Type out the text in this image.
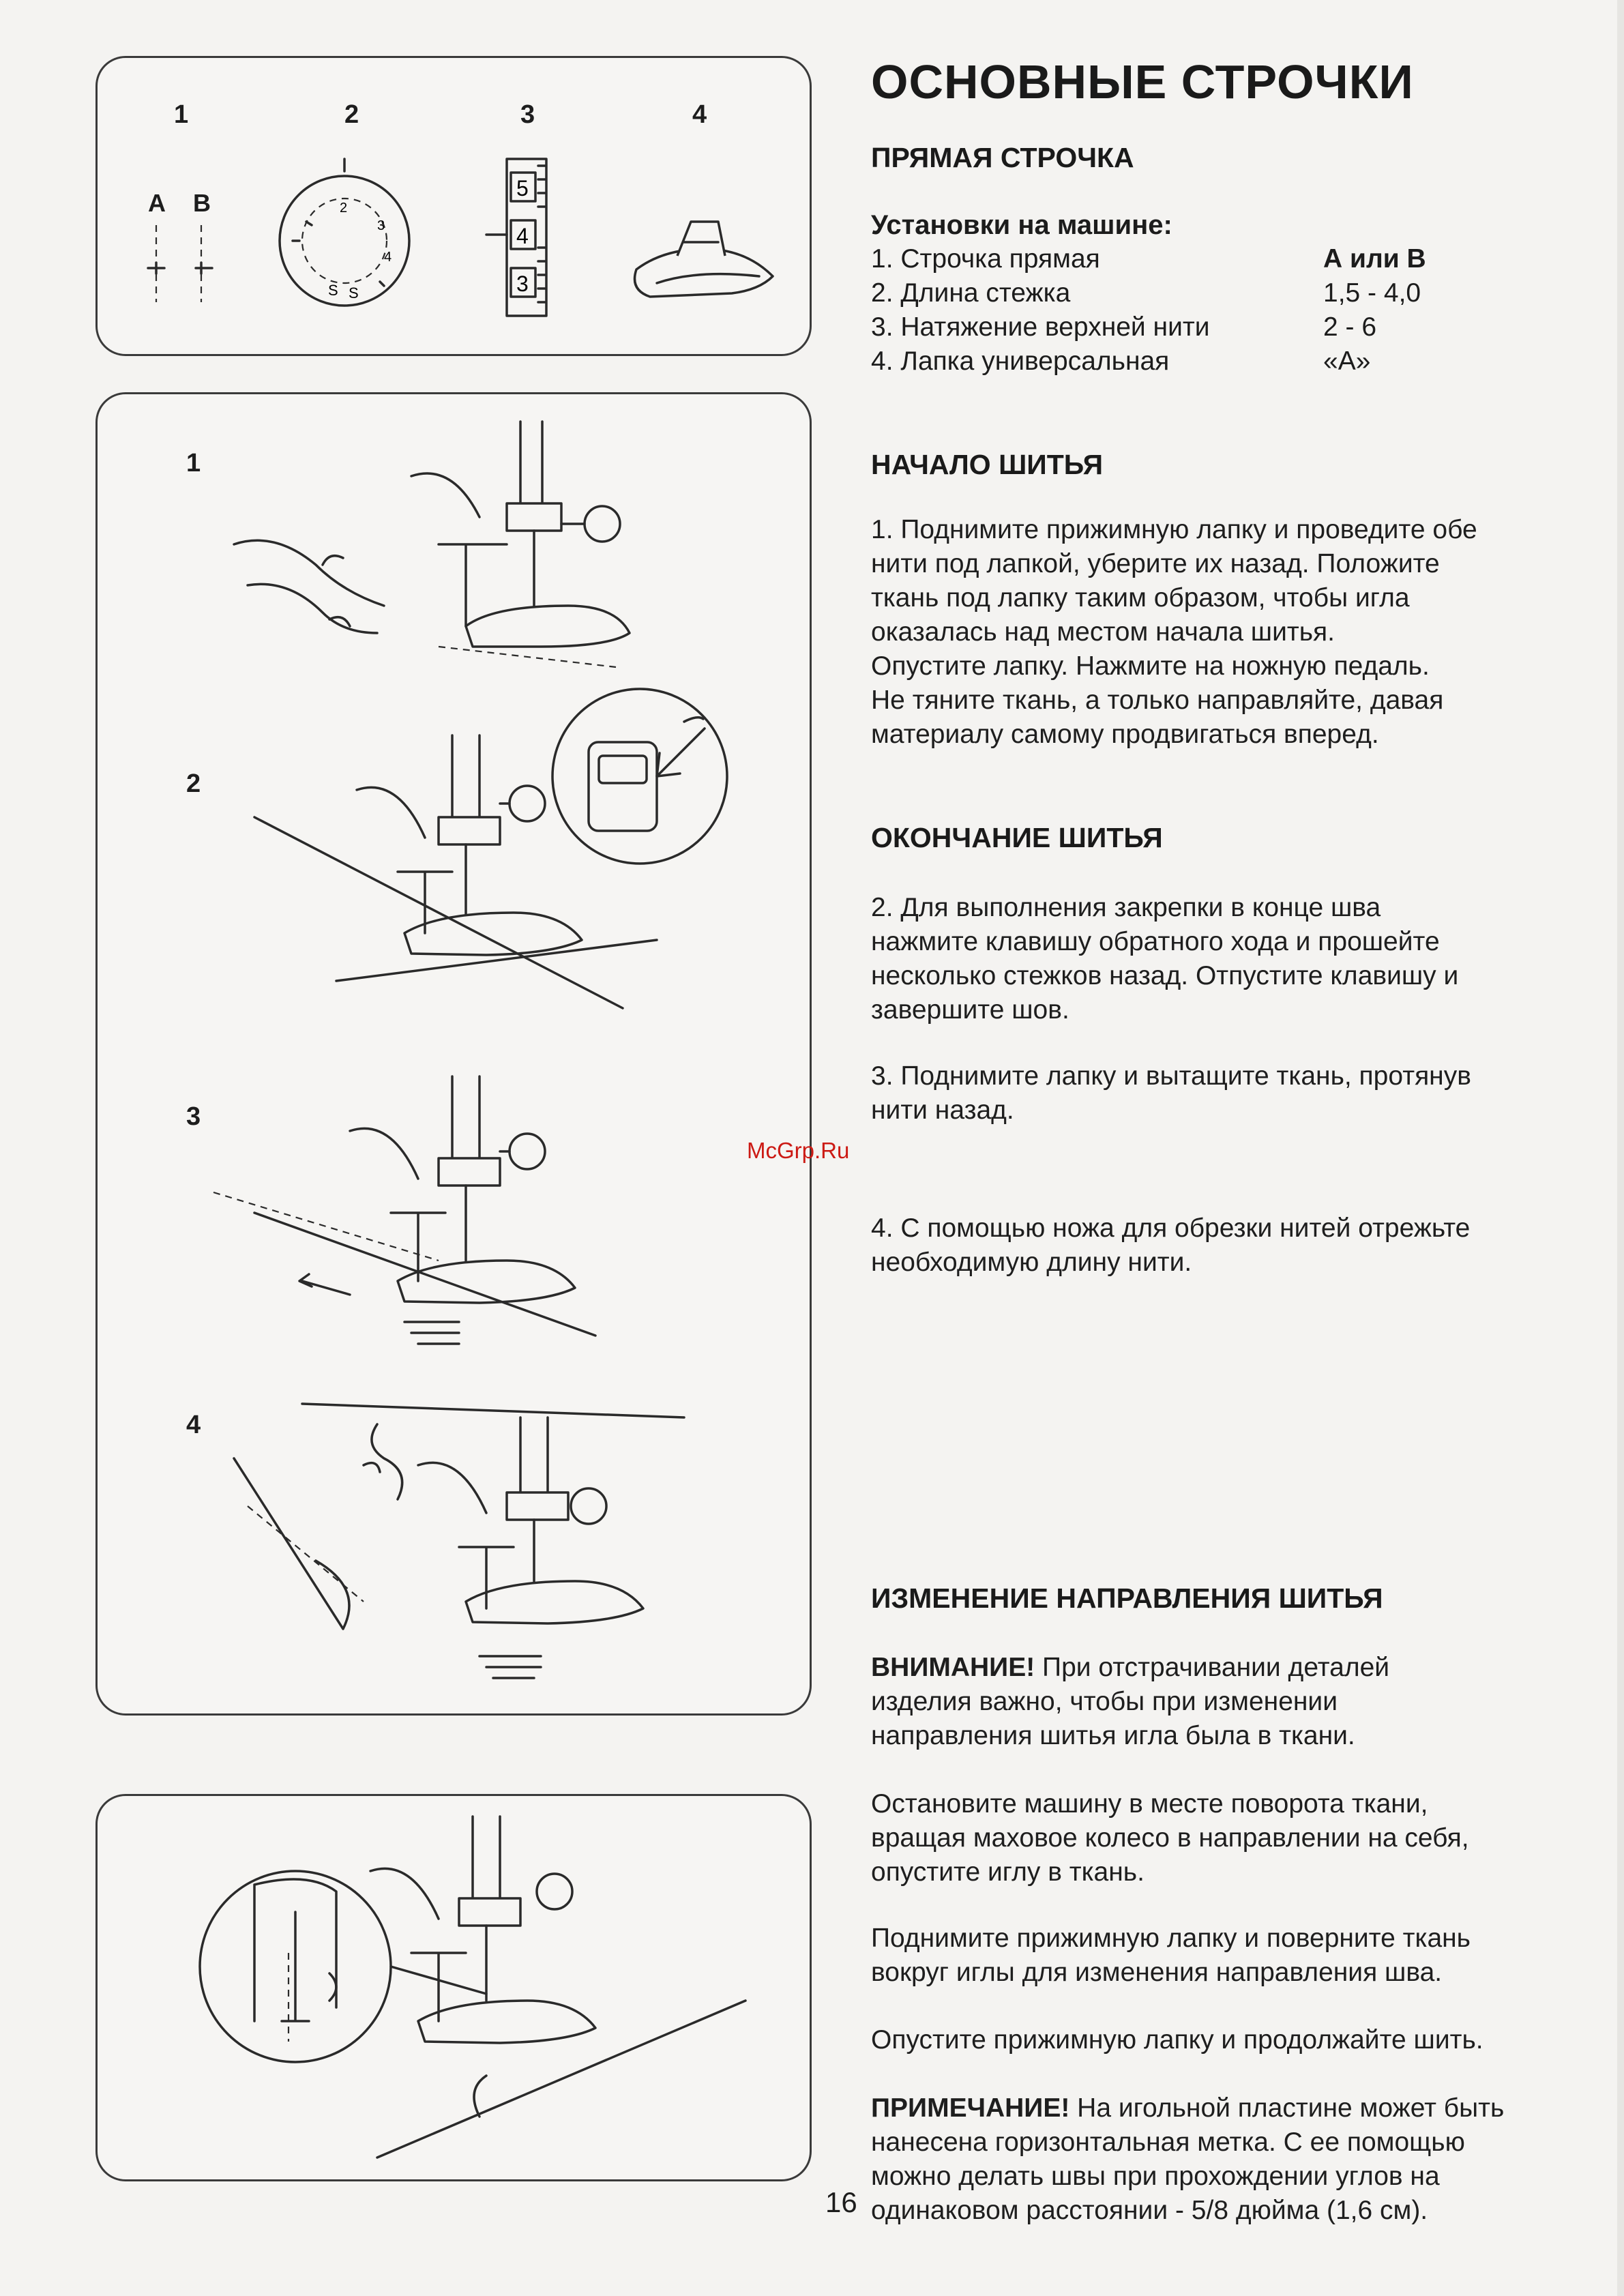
1	2	3	4
A B	2
3
4
S S
5
4
3
1
2
3
4
McGrp.Ru
ОСНОВНЫЕ СТРОЧКИ
ПРЯМАЯ СТРОЧКА
Установки на машине:
1. Строчка прямая	А или В
2. Длина стежка	1,5 - 4,0
3. Натяжение верхней нити	2 - 6
4. Лапка универсальная	«А»
НАЧАЛО ШИТЬЯ

1. Поднимите прижимную лапку и проведите обе

нити под лапкой, уберите их назад. Положите

ткань под лапку таким образом, чтобы игла

оказалась над местом начала шитья.

Опустите лапку. Нажмите на ножную педаль.

Не тяните ткань, а только направляйте, давая

материалу самому продвигаться вперед.

ОКОНЧАНИЕ ШИТЬЯ

2. Для выполнения закрепки в конце шва

нажмите клавишу обратного хода и прошейте

несколько стежков назад. Отпустите клавишу и

завершите шов.

3. Поднимите лапку и вытащите ткань, протянув

нити назад.

4. С помощью ножа для обрезки нитей отрежьте

необходимую длину нити.

ИЗМЕНЕНИЕ НАПРАВЛЕНИЯ ШИТЬЯ

ВНИМАНИЕ! При отстрачивании деталей

изделия важно, чтобы при изменении

направления шитья игла была в ткани.

Остановите машину в месте поворота ткани,

вращая маховое колесо в направлении на себя,

опустите иглу в ткань.

Поднимите прижимную лапку и поверните ткань

вокруг иглы для изменения направления шва.

Опустите прижимную лапку и продолжайте шить.

ПРИМЕЧАНИЕ! На игольной пластине может быть

нанесена горизонтальная метка. С ее помощью

можно делать швы при прохождении углов на

одинаковом расстоянии - 5/8 дюйма (1,6 см).

16
